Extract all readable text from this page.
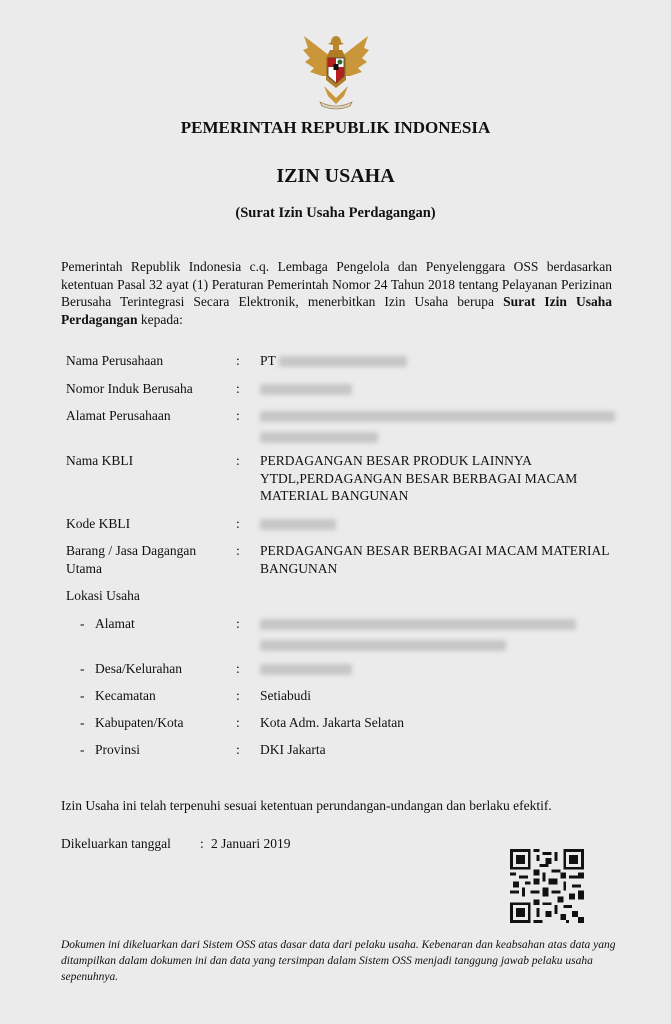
PEMERINTAH REPUBLIK INDONESIA
IZIN USAHA
(Surat Izin Usaha Perdagangan)
Pemerintah Republik Indonesia c.q. Lembaga Pengelola dan Penyelenggara OSS berdasarkan ketentuan Pasal 32 ayat (1) Peraturan Pemerintah Nomor 24 Tahun 2018 tentang Pelayanan Perizinan Berusaha Terintegrasi Secara Elektronik, menerbitkan Izin Usaha berupa Surat Izin Usaha Perdagangan kepada:
Nama Perusahaan	: PT
Nomor Induk Berusaha	:
Alamat Perusahaan	:

Nama KBLI	: PERDAGANGAN BESAR PRODUK LAINNYA YTDL,PERDAGANGAN BESAR BERBAGAI MACAM MATERIAL BANGUNAN
Kode KBLI	:
Barang / Jasa Dagangan Utama
: PERDAGANGAN BESAR BERBAGAI MACAM MATERIAL BANGUNAN
Lokasi Usaha
- Alamat	:

- Desa/Kelurahan	:
- Kecamatan	: Setiabudi
- Kabupaten/Kota	: Kota Adm. Jakarta Selatan
- Provinsi	: DKI Jakarta
Izin Usaha ini telah terpenuhi sesuai ketentuan perundangan-undangan dan berlaku efektif.
Dikeluarkan tanggal : 2 Januari 2019
Dokumen ini dikeluarkan dari Sistem OSS atas dasar data dari pelaku usaha. Kebenaran dan keabsahan atas data yang ditampilkan dalam dokumen ini dan data yang tersimpan dalam Sistem OSS menjadi tanggung jawab pelaku usaha sepenuhnya.
